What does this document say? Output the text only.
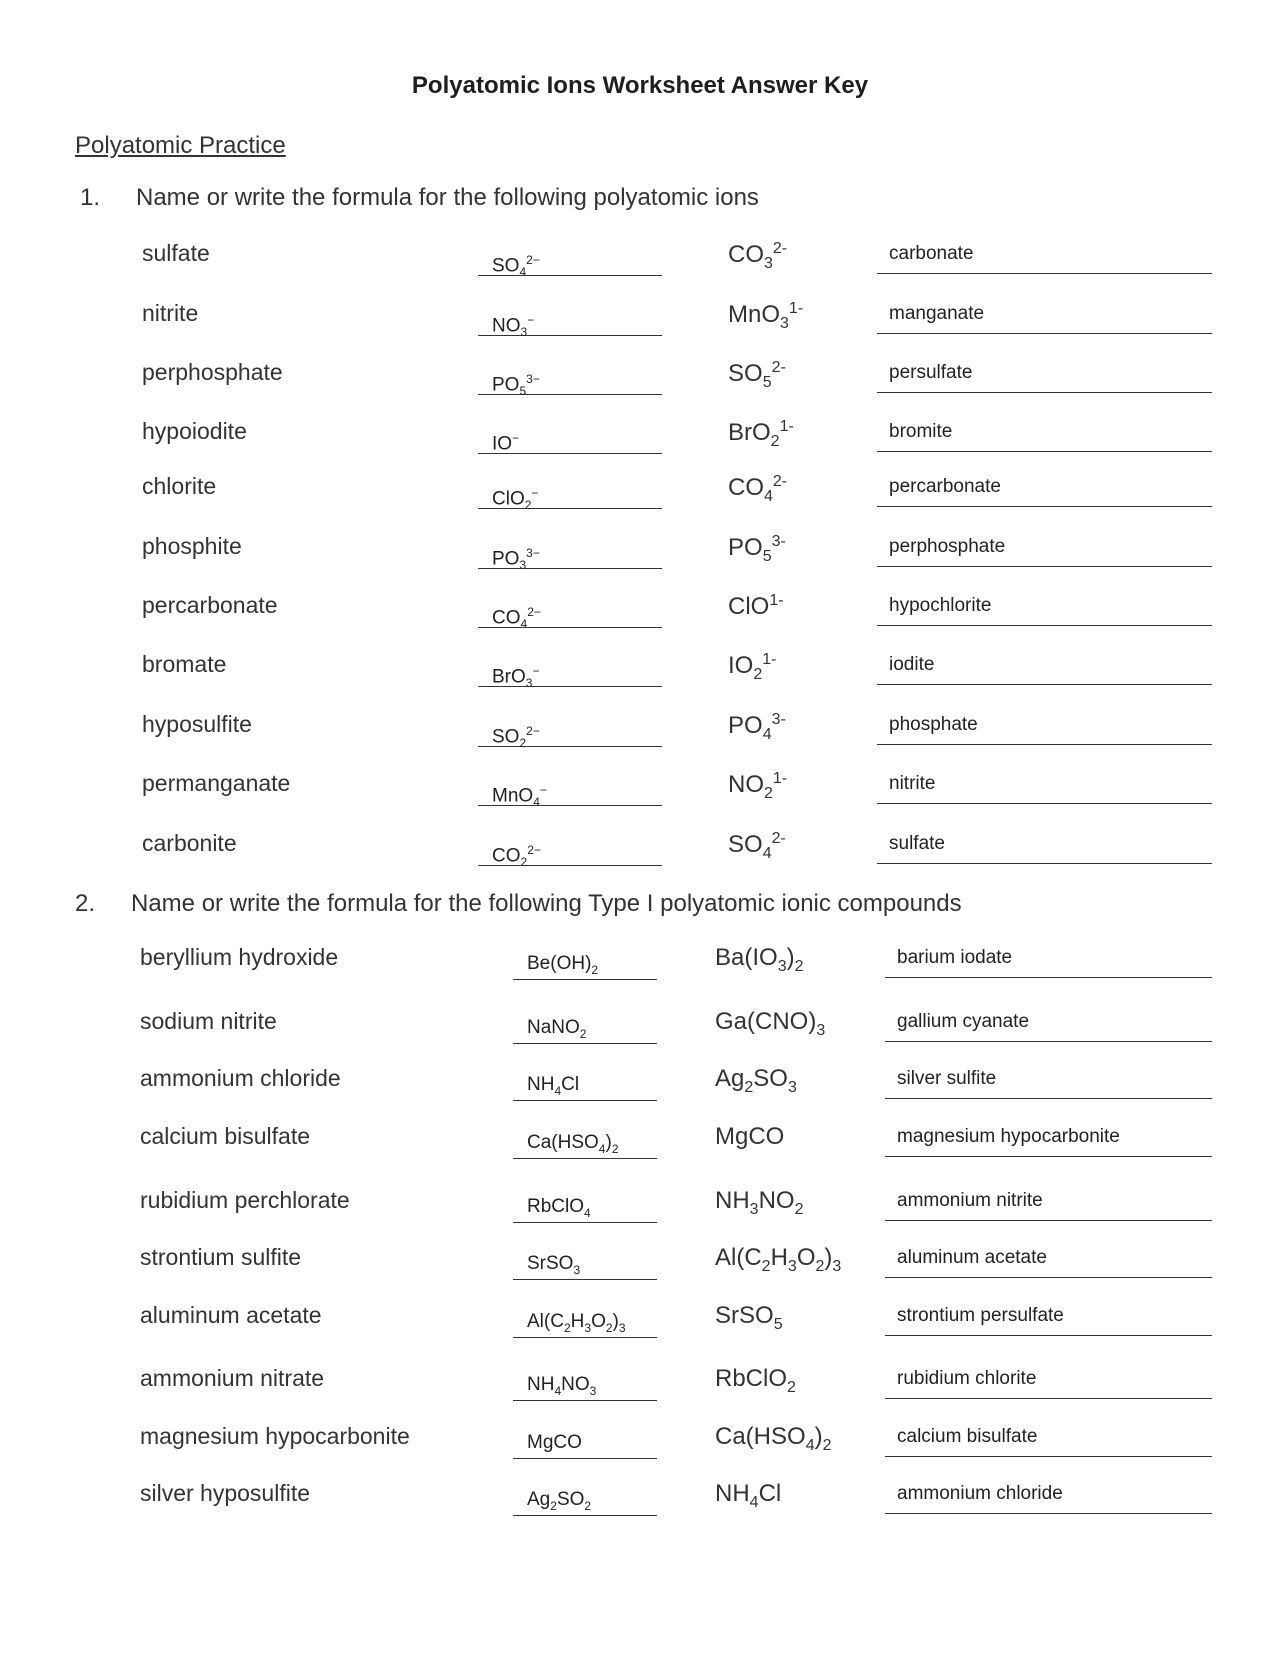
Polyatomic Ions Worksheet Answer Key
Polyatomic Practice
1. Name or write the formula for the following polyatomic ions
sulfate	$SO_4^{2-}$	$CO_3^{2-}$	carbonate
nitrite	$NO_3^-$	MnO$_3^{1-}$	manganate
perphosphate	$PO_5^{3-}$	$SO_5^{2-}$	persulfate
hypoiodite	IO−	BrO$_2^{1-}$	bromite
chlorite	ClO$_2$−	$CO_4^{2-}$	percarbonate
phosphite	$PO_3^{3-}$	$PO_5^{3-}$	perphosphate
percarbonate	$CO_4^{2-}$	ClO$^{1-}$	hypochlorite
bromate	BrO$_3$−	$IO_2^{1-}$	iodite
hyposulfite	$SO_2^{2-}$	$PO_4^{3-}$	phosphate
permanganate	MnO$_4$−	$NO_2^{1-}$	nitrite
carbonite	$CO_2^{2-}$	$SO_4^{2-}$	sulfate
2. Name or write the formula for the following Type I polyatomic ionic compounds
beryllium hydroxide	$Be(OH)_2$	$Ba(IO_3)_2$	barium iodate
sodium nitrite	NaNO$_2$	$Ga(CNO)_3$	gallium cyanate
ammonium chloride	$NH_4Cl$	$Ag_2SO_3$	silver sulfite
calcium bisulfate	$Ca(HSO_4)_2$	MgCO	magnesium hypocarbonite
rubidium perchlorate	RbClO$_4$	$NH_3NO_2$	ammonium nitrite
strontium sulfite	SrSO$_3$	$Al(C_2H_3O_2)_3$	aluminum acetate
aluminum acetate	$Al(C_2H_3O_2)_3$	SrSO$_5$	strontium persulfate
ammonium nitrate	$NH_4NO_3$	RbClO$_2$	rubidium chlorite
magnesium hypocarbonite	MgCO	$Ca(HSO_4)_2$	calcium bisulfate
silver hyposulfite	$Ag_2SO_2$	$NH_4Cl$	ammonium chloride
